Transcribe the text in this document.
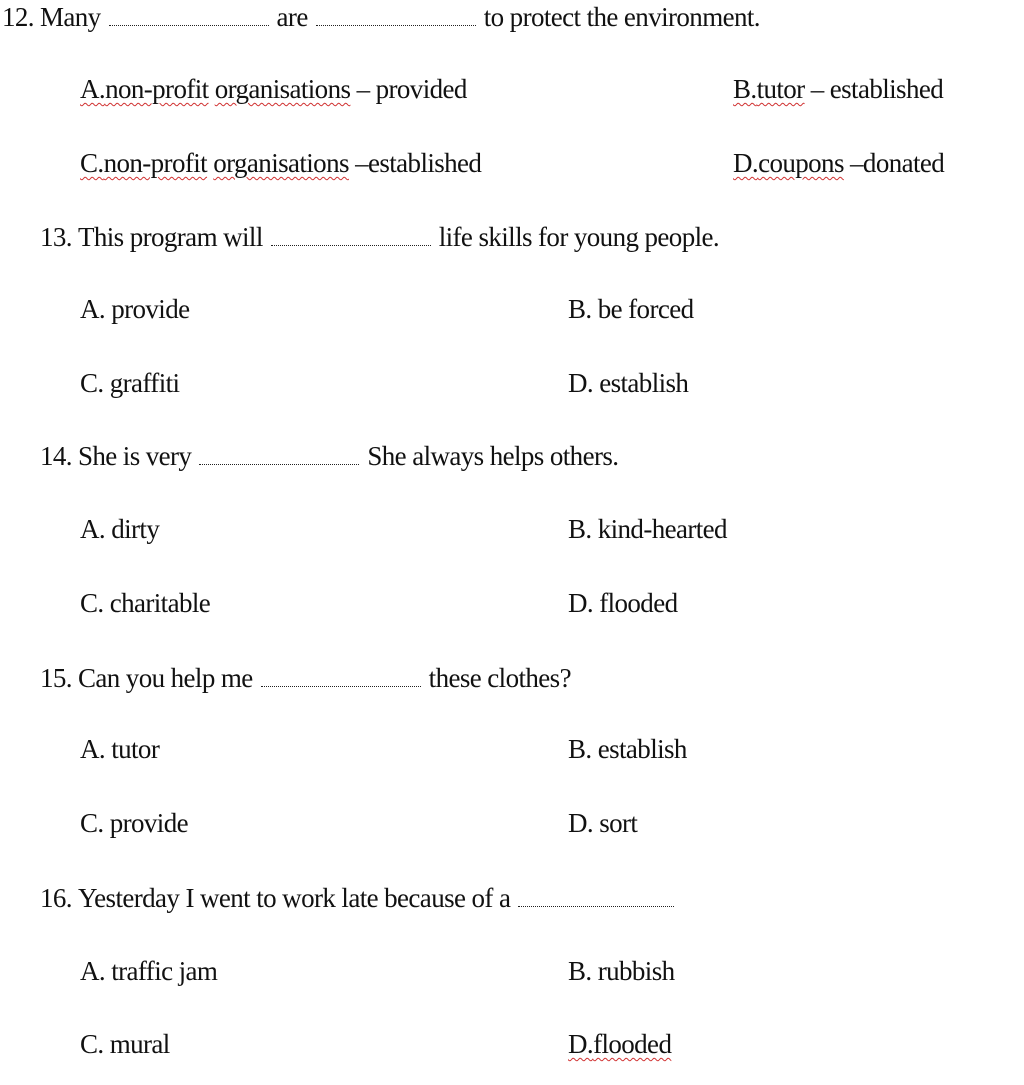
12. Many	are	to protect the environment.
A.non-profit organisations – provided	B.tutor – established
C.non-profit organisations –established	D.coupons –donated
13. This program will	life skills for young people.
A. provide	B. be forced
C. graffiti	D. establish
14. She is very	She always helps others.
A. dirty	B. kind-hearted
C. charitable	D. flooded
15. Can you help me	these clothes?
A. tutor	B. establish
C. provide	D. sort
16. Yesterday I went to work late because of a
A. traffic jam	B. rubbish
C. mural	D.flooded
